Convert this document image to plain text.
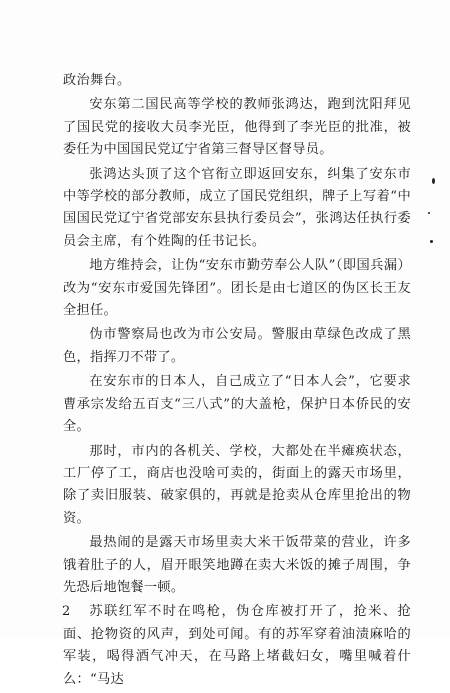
政治舞台。

安东第二国民高等学校的教师张鸿达，跑到沈阳拜见了国民党的接收大员李光臣，他得到了李光臣的批准，被委任为中国国民党辽宁省第三督导区督导员。

张鸿达头顶了这个官衔立即返回安东，纠集了安东市中等学校的部分教师，成立了国民党组织，牌子上写着“中国国民党辽宁省党部安东县执行委员会”，张鸿达任执行委员会主席，有个姓陶的任书记长。

地方维持会，让伪“安东市勤劳奉公人队”（即国兵漏）改为“安东市爱国先锋团”。团长是由七道区的伪区长王友全担任。

伪市警察局也改为市公安局。警服由草绿色改成了黑色，指挥刀不带了。

在安东市的日本人，自己成立了“日本人会”，它要求曹承宗发给五百支“三八式”的大盖枪，保护日本侨民的安全。

那时，市内的各机关、学校，大都处在半瘫痪状态，工厂停了工，商店也没啥可卖的，街面上的露天市场里，除了卖旧服装、破家俱的，再就是抢卖从仓库里抢出的物资。

最热闹的是露天市场里卖大米干饭带菜的营业，许多饿着肚子的人，眉开眼笑地蹲在卖大米饭的摊子周围，争先恐后地饱餐一顿。

苏联红军不时在鸣枪，伪仓库被打开了，抢米、抢面、抢物资的风声，到处可闻。有的苏军穿着油渍麻哈的军装，喝得酒气冲天，在马路上堵截妇女，嘴里喊着什么：“马达

2
